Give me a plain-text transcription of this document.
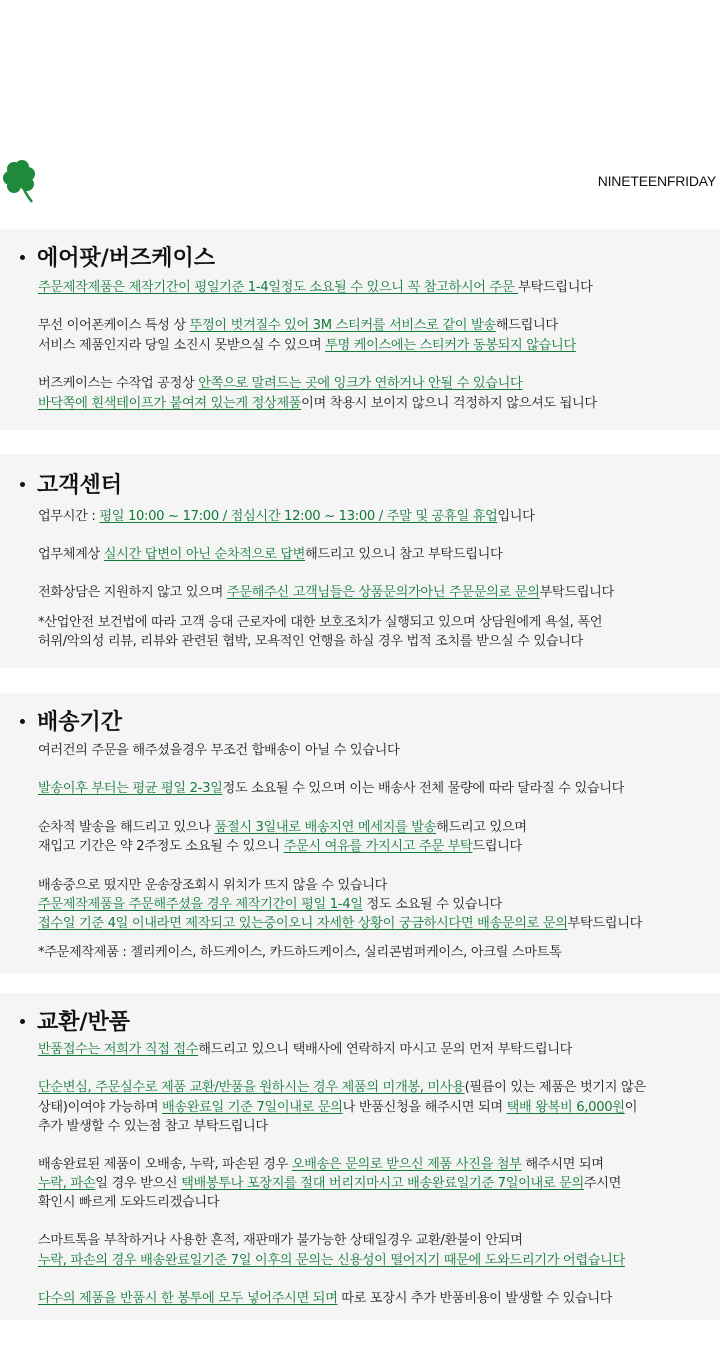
NINETEENFRIDAY
에어팟/버즈케이스
주문제작제품은 제작기간이 평일기준 1-4일정도 소요될 수 있으니 꼭 참고하시어 주문 부탁드립니다
무선 이어폰케이스 특성 상 뚜껑이 벗겨질수 있어 3M 스티커를 서비스로 같이 발송해드립니다
서비스 제품인지라 당일 소진시 못받으실 수 있으며 투명 케이스에는 스티커가 동봉되지 않습니다
버즈케이스는 수작업 공정상 안쪽으로 말려드는 곳에 잉크가 연하거나 안될 수 있습니다
바닥쪽에 흰색테이프가 붙여져 있는게 정상제품이며 착용시 보이지 않으니 걱정하지 않으셔도 됩니다
고객센터
업무시간 : 평일 10:00 ~ 17:00 / 점심시간 12:00 ~ 13:00 / 주말 및 공휴일 휴업입니다
업무체계상 실시간 답변이 아닌 순차적으로 답변해드리고 있으니 참고 부탁드립니다
전화상담은 지원하지 않고 있으며 주문해주신 고객님들은 상품문의가아닌 주문문의로 문의부탁드립니다
*산업안전 보건법에 따라 고객 응대 근로자에 대한 보호조치가 실행되고 있으며 상담원에게 욕설, 폭언
허위/악의성 리뷰, 리뷰와 관련된 협박, 모욕적인 언행을 하실 경우 법적 조치를 받으실 수 있습니다
배송기간
여러건의 주문을 해주셨을경우 무조건 합배송이 아닐 수 있습니다
발송이후 부터는 평균 평일 2-3일정도 소요될 수 있으며 이는 배송사 전체 물량에 따라 달라질 수 있습니다
순차적 발송을 해드리고 있으나 품절시 3일내로 배송지연 메세지를 발송해드리고 있으며
재입고 기간은 약 2주정도 소요될 수 있으니 주문시 여유를 가지시고 주문 부탁드립니다
배송중으로 떴지만 운송장조회시 위치가 뜨지 않을 수 있습니다
주문제작제품을 주문해주셨을 경우 제작기간이 평일 1-4일 정도 소요될 수 있습니다
접수일 기준 4일 이내라면 제작되고 있는중이오니 자세한 상황이 궁금하시다면 배송문의로 문의부탁드립니다
*주문제작제품 : 젤리케이스, 하드케이스, 카드하드케이스, 실리콘범퍼케이스, 아크릴 스마트톡
교환/반품
반품접수는 저희가 직접 접수해드리고 있으니 택배사에 연락하지 마시고 문의 먼저 부탁드립니다
단순변심, 주문실수로 제품 교환/반품을 원하시는 경우 제품의 미개봉, 미사용(필름이 있는 제품은 벗기지 않은
상태)이여야 가능하며 배송완료일 기준 7일이내로 문의나 반품신청을 해주시면 되며 택배 왕복비 6,000원이
추가 발생할 수 있는점 참고 부탁드립니다
배송완료된 제품이 오배송, 누락, 파손된 경우 오배송은 문의로 받으신 제품 사진을 첨부 해주시면 되며
누락, 파손일 경우 받으신 택배봉투나 포장지를 절대 버리지마시고 배송완료일기준 7일이내로 문의주시면
확인시 빠르게 도와드리겠습니다
스마트톡을 부착하거나 사용한 흔적, 재판매가 불가능한 상태일경우 교환/환불이 안되며
누락, 파손의 경우 배송완료일기준 7일 이후의 문의는 신용성이 떨어지기 때문에 도와드리기가 어렵습니다
다수의 제품을 반품시 한 봉투에 모두 넣어주시면 되며 따로 포장시 추가 반품비용이 발생할 수 있습니다
